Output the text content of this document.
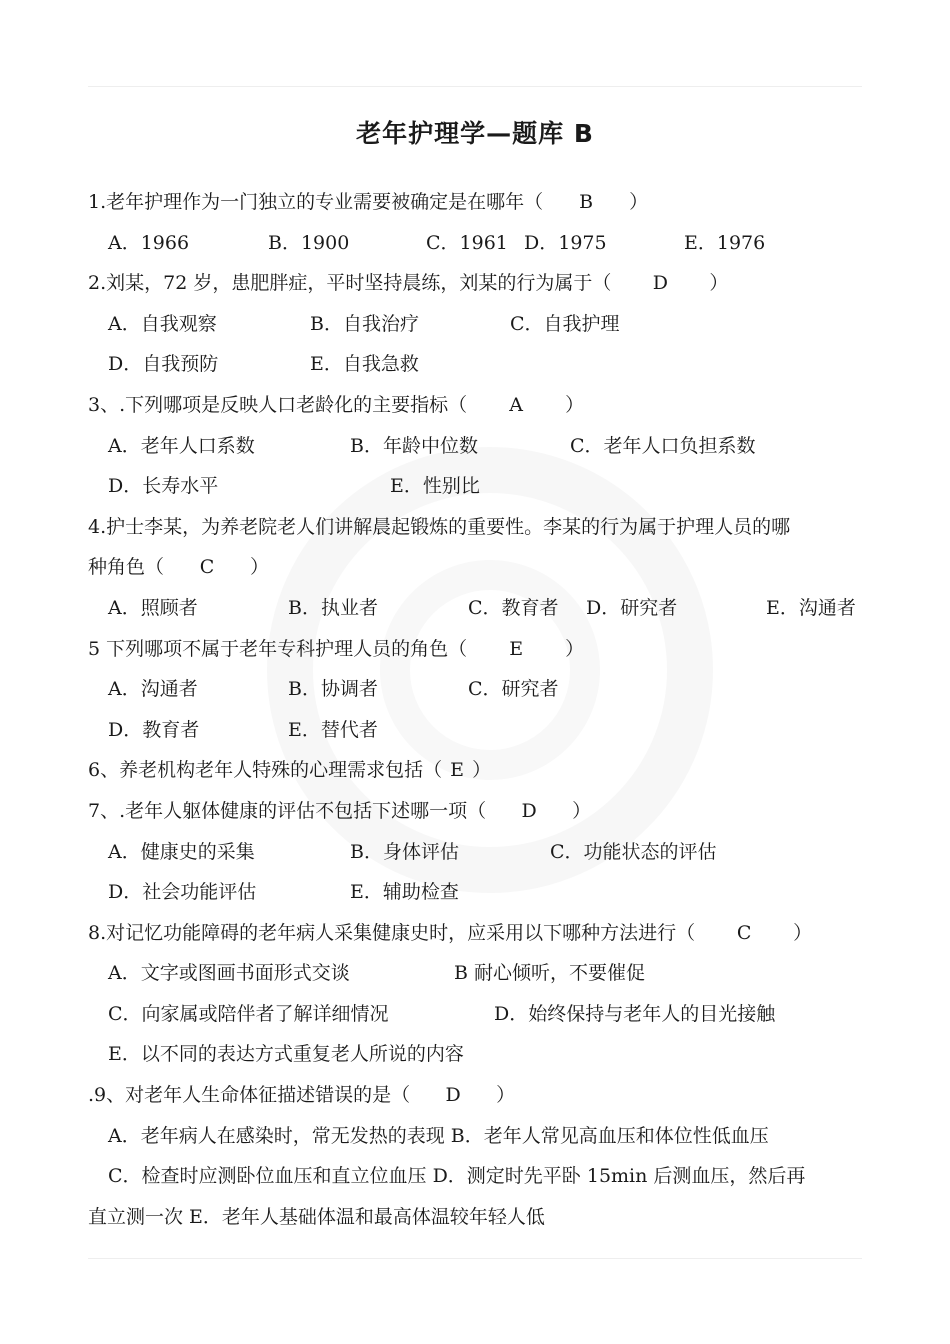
老年护理学—题库 B
1.老年护理作为一门独立的专业需要被确定是在哪年（ B ）
A．1966	B．1900	C．1961 D．1975	E．1976
2.刘某，72 岁，患肥胖症，平时坚持晨练，刘某的行为属于（ D ）
A．自我观察	B．自我治疗	C．自我护理
D．自我预防	E．自我急救
3、.下列哪项是反映人口老龄化的主要指标（ A ）
A．老年人口系数	B．年龄中位数	C．老年人口负担系数
D．长寿水平	E．性别比
4.护士李某，为养老院老人们讲解晨起锻炼的重要性。李某的行为属于护理人员的哪
种角色（ C ）
A．照顾者	B．执业者	C．教育者 D．研究者	E．沟通者
5 下列哪项不属于老年专科护理人员的角色（ E ）
A．沟通者	B．协调者	C．研究者
D．教育者	E．替代者
6、养老机构老年人特殊的心理需求包括（ E ）
7、.老年人躯体健康的评估不包括下述哪一项（ D ）
A．健康史的采集	B．身体评估	C．功能状态的评估
D．社会功能评估	E．辅助检查
8.对记忆功能障碍的老年病人采集健康史时，应采用以下哪种方法进行（ C ）
A．文字或图画书面形式交谈	B 耐心倾听，不要催促
C．向家属或陪伴者了解详细情况	D．始终保持与老年人的目光接触
E．以不同的表达方式重复老人所说的内容
.9、对老年人生命体征描述错误的是（ D ）
A．老年病人在感染时，常无发热的表现 B．老年人常见高血压和体位性低血压
C．检查时应测卧位血压和直立位血压 D．测定时先平卧 15min 后测血压，然后再
直立测一次 E．老年人基础体温和最高体温较年轻人低
